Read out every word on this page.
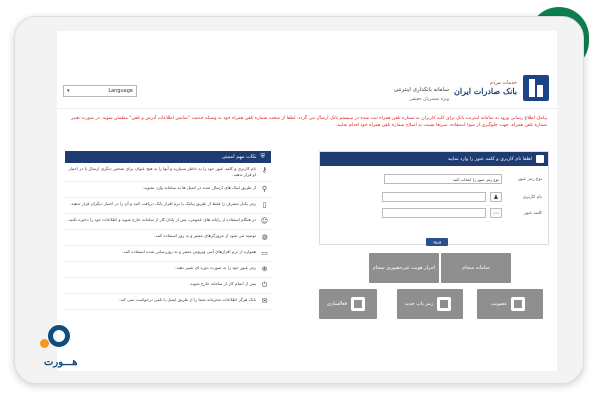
▾	Language	سامانه بانکداری اینترنتی
ویژه مشتریان حقیقی
خدمات مردم
بانک صادرات ایران
پیامک اطلاع رسانی ورود به سامانه اینترنت بانک برای کلیه کاربران به شماره تلفن همراه ثبت شده در سیستم بانک ارسال می گردد. لطفا از صحت شماره تلفن همراه خود به وسیله خدمت "نمایش اطلاعات آدرس و تلفن" مطمئن شوید. در صورت تغییر شماره تلفن همراه، جهت جلوگیری از سوء استفاده، سریعا نسبت به اصلاح شماره تلفن همراه خود اقدام نمایید.
نکات مهم امنیتی ⛨
⚷
نام کاربری و کلمه عبور خود را به خاطر بسپارید و آنها را به هیچ عنوان برای شخص دیگری ارسال یا در اختیار او قرار ندهید.
⚲
از طریق لینک های ارسال شده در ایمیل ها به سامانه وارد نشوید.
▯
رمز یکبار مصرف را فقط از طریق پیامک یا نرم افزار بانک دریافت کنید و آن را در اختیار دیگران قرار ندهید.
☺
در هنگام استفاده از رایانه های عمومی، پس از پایان کار از سامانه خارج شوید و اطلاعات خود را ذخیره نکنید.
◍
توصیه می شود از مرورگرهای معتبر و به روز استفاده کنید.
▭
همواره از نرم افزارهای آنتی ویروس معتبر و به روزرسانی شده استفاده کنید.
⊕
رمز عبور خود را به صورت دوره ای تغییر دهید.
⏻
پس از اتمام کار از سامانه خارج شوید.
✉
بانک هرگز اطلاعات محرمانه شما را از طریق ایمیل یا تلفن درخواست نمی کند.
لطفا نام کاربری و کلمه عبور را وارد نمایید
نوع رمز عبور را انتخاب کنید	نوع رمز عبور
♟	نام کاربری
⋯	کلمه عبور
ورود
احراز هویت غیرحضوری سجام	سامانه سجام
فعالسازی	رمز یاب جدید	عضویت
هـــورت
